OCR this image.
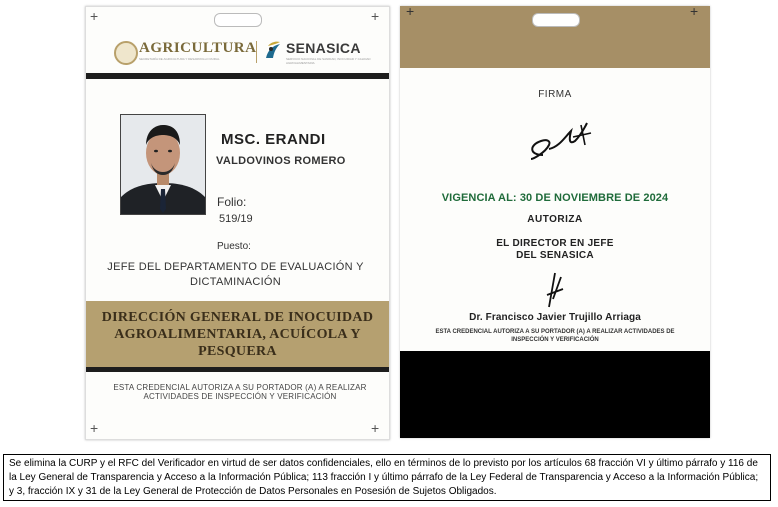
+	+
+	+
AGRICULTURA
SECRETARÍA DE AGRICULTURA Y DESARROLLO RURAL
SENASICA
SERVICIO NACIONAL DE SANIDAD, INOCUIDAD Y CALIDAD AGROALIMENTARIA
MSC. ERANDI
VALDOVINOS ROMERO
Folio:
519/19
Puesto:
JEFE DEL DEPARTAMENTO DE EVALUACIÓN Y DICTAMINACIÓN
DIRECCIÓN GENERAL DE INOCUIDAD AGROALIMENTARIA, ACUÍCOLA Y PESQUERA
ESTA CREDENCIAL AUTORIZA A SU PORTADOR (A) A REALIZAR ACTIVIDADES DE INSPECCIÓN Y VERIFICACIÓN
+	+
FIRMA
VIGENCIA AL: 30 DE NOVIEMBRE DE 2024
AUTORIZA
EL DIRECTOR EN JEFE
DEL SENASICA
Dr. Francisco Javier Trujillo Arriaga
ESTA CREDENCIAL AUTORIZA A SU PORTADOR (A) A REALIZAR ACTIVIDADES DE INSPECCIÓN Y VERIFICACIÓN

Se elimina la CURP y el RFC del Verificador en virtud de ser datos confidenciales, ello en términos de lo previsto por los artículos 68 fracción VI y último párrafo y 116 de la Ley General de Transparencia y Acceso a la Información Pública; 113 fracción I y último párrafo de la Ley Federal de Transparencia y Acceso a la Información Pública; y 3, fracción IX y 31 de la Ley General de Protección de Datos Personales en Posesión de Sujetos Obligados.
